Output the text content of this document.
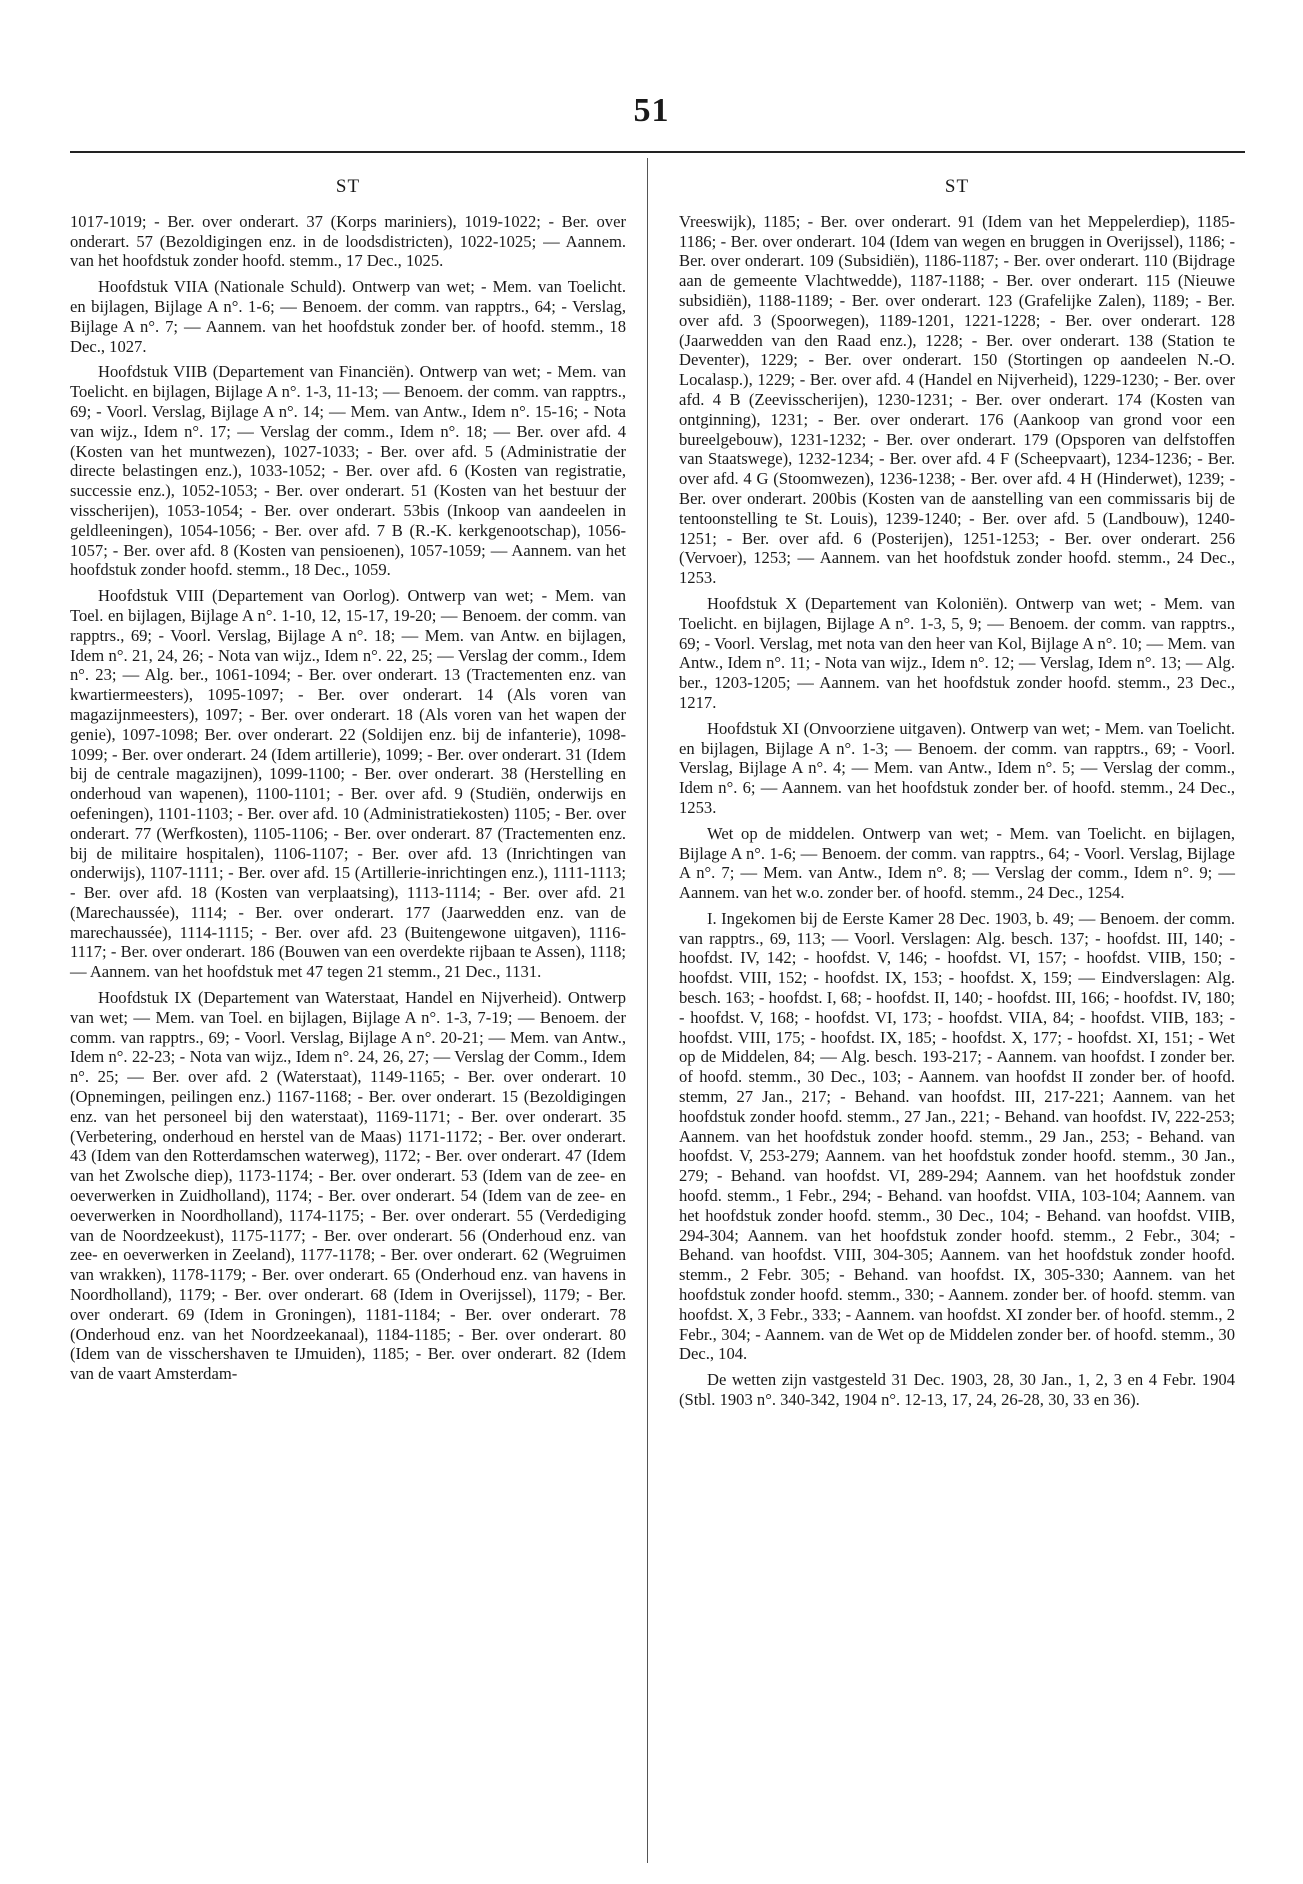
51
ST

1017-1019; - Ber. over onderart. 37 (Korps mariniers), 1019-1022; - Ber. over onderart. 57 (Bezoldigingen enz. in de loodsdistricten), 1022-1025; — Aannem. van het hoofdstuk zonder hoofd. stemm., 17 Dec., 1025.

Hoofdstuk VIIA (Nationale Schuld). Ontwerp van wet; - Mem. van Toelicht. en bijlagen, Bijlage A n°. 1-6; — Benoem. der comm. van rapptrs., 64; - Verslag, Bijlage A n°. 7; — Aannem. van het hoofdstuk zonder ber. of hoofd. stemm., 18 Dec., 1027.

Hoofdstuk VIIB (Departement van Financiën). Ontwerp van wet; - Mem. van Toelicht. en bijlagen, Bijlage A n°. 1-3, 11-13; — Benoem. der comm. van rapptrs., 69; - Voorl. Verslag, Bijlage A n°. 14; — Mem. van Antw., Idem n°. 15-16; - Nota van wijz., Idem n°. 17; — Verslag der comm., Idem n°. 18; — Ber. over afd. 4 (Kosten van het muntwezen), 1027-1033; - Ber. over afd. 5 (Administratie der directe belastingen enz.), 1033-1052; - Ber. over afd. 6 (Kosten van registratie, successie enz.), 1052-1053; - Ber. over onderart. 51 (Kosten van het bestuur der visscherijen), 1053-1054; - Ber. over onderart. 53bis (Inkoop van aandeelen in geldleeningen), 1054-1056; - Ber. over afd. 7 B (R.-K. kerkgenootschap), 1056-1057; - Ber. over afd. 8 (Kosten van pensioenen), 1057-1059; — Aannem. van het hoofdstuk zonder hoofd. stemm., 18 Dec., 1059.

Hoofdstuk VIII (Departement van Oorlog). Ontwerp van wet; - Mem. van Toel. en bijlagen, Bijlage A n°. 1-10, 12, 15-17, 19-20; — Benoem. der comm. van rapptrs., 69; - Voorl. Verslag, Bijlage A n°. 18; — Mem. van Antw. en bijlagen, Idem n°. 21, 24, 26; - Nota van wijz., Idem n°. 22, 25; — Verslag der comm., Idem n°. 23; — Alg. ber., 1061-1094; - Ber. over onderart. 13 (Tractementen enz. van kwartiermeesters), 1095-1097; - Ber. over onderart. 14 (Als voren van magazijnmeesters), 1097; - Ber. over onderart. 18 (Als voren van het wapen der genie), 1097-1098; Ber. over onderart. 22 (Soldijen enz. bij de infanterie), 1098-1099; - Ber. over onderart. 24 (Idem artillerie), 1099; - Ber. over onderart. 31 (Idem bij de centrale magazijnen), 1099-1100; - Ber. over onderart. 38 (Herstelling en onderhoud van wapenen), 1100-1101; - Ber. over afd. 9 (Studiën, onderwijs en oefeningen), 1101-1103; - Ber. over afd. 10 (Administratiekosten) 1105; - Ber. over onderart. 77 (Werfkosten), 1105-1106; - Ber. over onderart. 87 (Tractementen enz. bij de militaire hospitalen), 1106-1107; - Ber. over afd. 13 (Inrichtingen van onderwijs), 1107-1111; - Ber. over afd. 15 (Artillerie-inrichtingen enz.), 1111-1113; - Ber. over afd. 18 (Kosten van verplaatsing), 1113-1114; - Ber. over afd. 21 (Marechaussée), 1114; - Ber. over onderart. 177 (Jaarwedden enz. van de marechaussée), 1114-1115; - Ber. over afd. 23 (Buitengewone uitgaven), 1116-1117; - Ber. over onderart. 186 (Bouwen van een overdekte rijbaan te Assen), 1118; — Aannem. van het hoofdstuk met 47 tegen 21 stemm., 21 Dec., 1131.

Hoofdstuk IX (Departement van Waterstaat, Handel en Nijverheid). Ontwerp van wet; — Mem. van Toel. en bijlagen, Bijlage A n°. 1-3, 7-19; — Benoem. der comm. van rapptrs., 69; - Voorl. Verslag, Bijlage A n°. 20-21; — Mem. van Antw., Idem n°. 22-23; - Nota van wijz., Idem n°. 24, 26, 27; — Verslag der Comm., Idem n°. 25; — Ber. over afd. 2 (Waterstaat), 1149-1165; - Ber. over onderart. 10 (Opnemingen, peilingen enz.) 1167-1168; - Ber. over onderart. 15 (Bezoldigingen enz. van het personeel bij den waterstaat), 1169-1171; - Ber. over onderart. 35 (Verbetering, onderhoud en herstel van de Maas) 1171-1172; - Ber. over onderart. 43 (Idem van den Rotterdamschen waterweg), 1172; - Ber. over onderart. 47 (Idem van het Zwolsche diep), 1173-1174; - Ber. over onderart. 53 (Idem van de zee- en oeverwerken in Zuidholland), 1174; - Ber. over onderart. 54 (Idem van de zee- en oeverwerken in Noordholland), 1174-1175; - Ber. over onderart. 55 (Verdediging van de Noordzeekust), 1175-1177; - Ber. over onderart. 56 (Onderhoud enz. van zee- en oeverwerken in Zeeland), 1177-1178; - Ber. over onderart. 62 (Wegruimen van wrakken), 1178-1179; - Ber. over onderart. 65 (Onderhoud enz. van havens in Noordholland), 1179; - Ber. over onderart. 68 (Idem in Overijssel), 1179; - Ber. over onderart. 69 (Idem in Groningen), 1181-1184; - Ber. over onderart. 78 (Onderhoud enz. van het Noordzeekanaal), 1184-1185; - Ber. over onderart. 80 (Idem van de visschershaven te IJmuiden), 1185; - Ber. over onderart. 82 (Idem van de vaart Amsterdam-

ST

Vreeswijk), 1185; - Ber. over onderart. 91 (Idem van het Meppelerdiep), 1185-1186; - Ber. over onderart. 104 (Idem van wegen en bruggen in Overijssel), 1186; - Ber. over onderart. 109 (Subsidiën), 1186-1187; - Ber. over onderart. 110 (Bijdrage aan de gemeente Vlachtwedde), 1187-1188; - Ber. over onderart. 115 (Nieuwe subsidiën), 1188-1189; - Ber. over onderart. 123 (Grafelijke Zalen), 1189; - Ber. over afd. 3 (Spoorwegen), 1189-1201, 1221-1228; - Ber. over onderart. 128 (Jaarwedden van den Raad enz.), 1228; - Ber. over onderart. 138 (Station te Deventer), 1229; - Ber. over onderart. 150 (Stortingen op aandeelen N.-O. Localasp.), 1229; - Ber. over afd. 4 (Handel en Nijverheid), 1229-1230; - Ber. over afd. 4 B (Zeevisscherijen), 1230-1231; - Ber. over onderart. 174 (Kosten van ontginning), 1231; - Ber. over onderart. 176 (Aankoop van grond voor een bureelgebouw), 1231-1232; - Ber. over onderart. 179 (Opsporen van delfstoffen van Staatswege), 1232-1234; - Ber. over afd. 4 F (Scheepvaart), 1234-1236; - Ber. over afd. 4 G (Stoomwezen), 1236-1238; - Ber. over afd. 4 H (Hinderwet), 1239; - Ber. over onderart. 200bis (Kosten van de aanstelling van een commissaris bij de tentoonstelling te St. Louis), 1239-1240; - Ber. over afd. 5 (Landbouw), 1240-1251; - Ber. over afd. 6 (Posterijen), 1251-1253; - Ber. over onderart. 256 (Vervoer), 1253; — Aannem. van het hoofdstuk zonder hoofd. stemm., 24 Dec., 1253.

Hoofdstuk X (Departement van Koloniën). Ontwerp van wet; - Mem. van Toelicht. en bijlagen, Bijlage A n°. 1-3, 5, 9; — Benoem. der comm. van rapptrs., 69; - Voorl. Verslag, met nota van den heer van Kol, Bijlage A n°. 10; — Mem. van Antw., Idem n°. 11; - Nota van wijz., Idem n°. 12; — Verslag, Idem n°. 13; — Alg. ber., 1203-1205; — Aannem. van het hoofdstuk zonder hoofd. stemm., 23 Dec., 1217.

Hoofdstuk XI (Onvoorziene uitgaven). Ontwerp van wet; - Mem. van Toelicht. en bijlagen, Bijlage A n°. 1-3; — Benoem. der comm. van rapptrs., 69; - Voorl. Verslag, Bijlage A n°. 4; — Mem. van Antw., Idem n°. 5; — Verslag der comm., Idem n°. 6; — Aannem. van het hoofdstuk zonder ber. of hoofd. stemm., 24 Dec., 1253.

Wet op de middelen. Ontwerp van wet; - Mem. van Toelicht. en bijlagen, Bijlage A n°. 1-6; — Benoem. der comm. van rapptrs., 64; - Voorl. Verslag, Bijlage A n°. 7; — Mem. van Antw., Idem n°. 8; — Verslag der comm., Idem n°. 9; — Aannem. van het w.o. zonder ber. of hoofd. stemm., 24 Dec., 1254.

I. Ingekomen bij de Eerste Kamer 28 Dec. 1903, b. 49; — Benoem. der comm. van rapptrs., 69, 113; — Voorl. Verslagen: Alg. besch. 137; - hoofdst. III, 140; - hoofdst. IV, 142; - hoofdst. V, 146; - hoofdst. VI, 157; - hoofdst. VIIB, 150; - hoofdst. VIII, 152; - hoofdst. IX, 153; - hoofdst. X, 159; — Eindverslagen: Alg. besch. 163; - hoofdst. I, 68; - hoofdst. II, 140; - hoofdst. III, 166; - hoofdst. IV, 180; - hoofdst. V, 168; - hoofdst. VI, 173; - hoofdst. VIIA, 84; - hoofdst. VIIB, 183; - hoofdst. VIII, 175; - hoofdst. IX, 185; - hoofdst. X, 177; - hoofdst. XI, 151; - Wet op de Middelen, 84; — Alg. besch. 193-217; - Aannem. van hoofdst. I zonder ber. of hoofd. stemm., 30 Dec., 103; - Aannem. van hoofdst II zonder ber. of hoofd. stemm, 27 Jan., 217; - Behand. van hoofdst. III, 217-221; Aannem. van het hoofdstuk zonder hoofd. stemm., 27 Jan., 221; - Behand. van hoofdst. IV, 222-253; Aannem. van het hoofdstuk zonder hoofd. stemm., 29 Jan., 253; - Behand. van hoofdst. V, 253-279; Aannem. van het hoofdstuk zonder hoofd. stemm., 30 Jan., 279; - Behand. van hoofdst. VI, 289-294; Aannem. van het hoofdstuk zonder hoofd. stemm., 1 Febr., 294; - Behand. van hoofdst. VIIA, 103-104; Aannem. van het hoofdstuk zonder hoofd. stemm., 30 Dec., 104; - Behand. van hoofdst. VIIB, 294-304; Aannem. van het hoofdstuk zonder hoofd. stemm., 2 Febr., 304; - Behand. van hoofdst. VIII, 304-305; Aannem. van het hoofdstuk zonder hoofd. stemm., 2 Febr. 305; - Behand. van hoofdst. IX, 305-330; Aannem. van het hoofdstuk zonder hoofd. stemm., 330; - Aannem. zonder ber. of hoofd. stemm. van hoofdst. X, 3 Febr., 333; - Aannem. van hoofdst. XI zonder ber. of hoofd. stemm., 2 Febr., 304; - Aannem. van de Wet op de Middelen zonder ber. of hoofd. stemm., 30 Dec., 104.

De wetten zijn vastgesteld 31 Dec. 1903, 28, 30 Jan., 1, 2, 3 en 4 Febr. 1904 (Stbl. 1903 n°. 340-342, 1904 n°. 12-13, 17, 24, 26-28, 30, 33 en 36).
